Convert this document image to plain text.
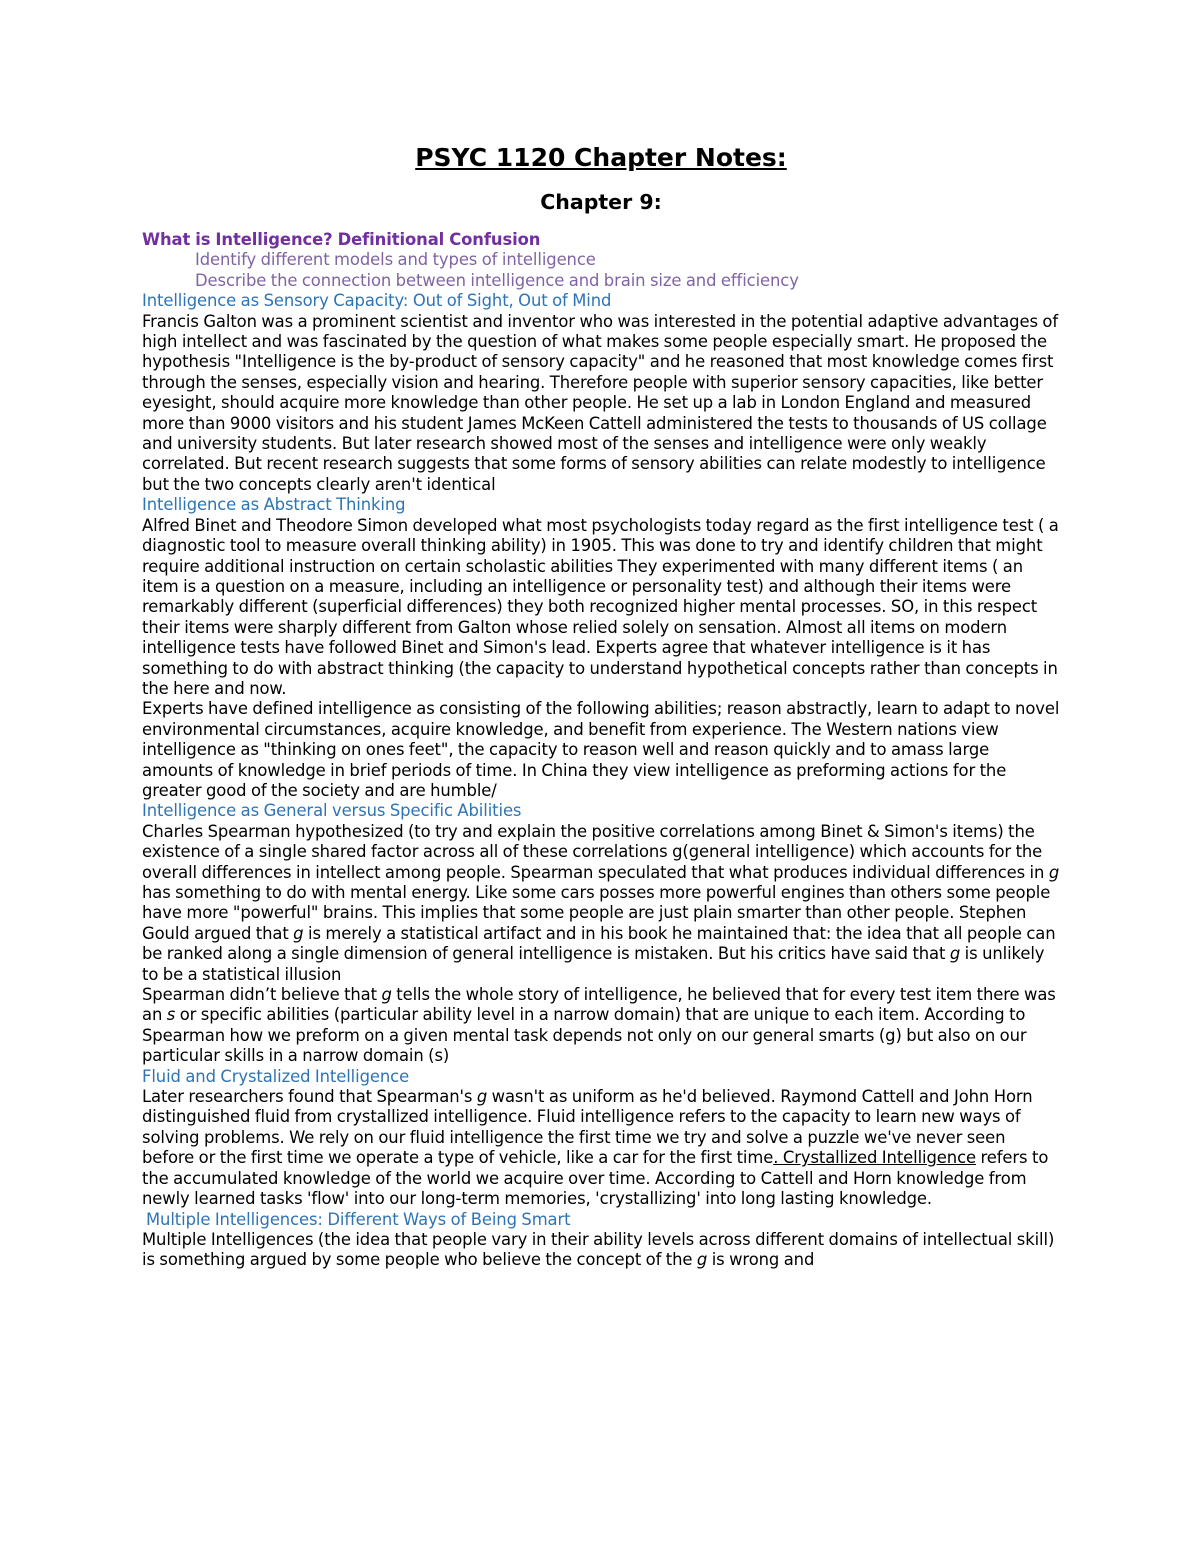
PSYC 1120 Chapter Notes:
Chapter 9:

What is Intelligence? Definitional Confusion

Identify different models and types of intelligence

Describe the connection between intelligence and brain size and efficiency

Intelligence as Sensory Capacity: Out of Sight, Out of Mind

Francis Galton was a prominent scientist and inventor who was interested in the potential adaptive advantages of high intellect and was fascinated by the question of what makes some people especially smart. He proposed the hypothesis "Intelligence is the by-product of sensory capacity" and he reasoned that most knowledge comes first through the senses, especially vision and hearing. Therefore people with superior sensory capacities, like better eyesight, should acquire more knowledge than other people. He set up a lab in London England and measured more than 9000 visitors and his student James McKeen Cattell administered the tests to thousands of US collage and university students. But later research showed most of the senses and intelligence were only weakly correlated. But recent research suggests that some forms of sensory abilities can relate modestly to intelligence but the two concepts clearly aren't identical

Intelligence as Abstract Thinking

Alfred Binet and Theodore Simon developed what most psychologists today regard as the first intelligence test ( a diagnostic tool to measure overall thinking ability) in 1905. This was done to try and identify children that might require additional instruction on certain scholastic abilities They experimented with many different items ( an item is a question on a measure, including an intelligence or personality test) and although their items were remarkably different (superficial differences) they both recognized higher mental processes. SO, in this respect their items were sharply different from Galton whose relied solely on sensation. Almost all items on modern intelligence tests have followed Binet and Simon's lead. Experts agree that whatever intelligence is it has something to do with abstract thinking (the capacity to understand hypothetical concepts rather than concepts in the here and now.

Experts have defined intelligence as consisting of the following abilities; reason abstractly, learn to adapt to novel environmental circumstances, acquire knowledge, and benefit from experience. The Western nations view intelligence as "thinking on ones feet", the capacity to reason well and reason quickly and to amass large amounts of knowledge in brief periods of time. In China they view intelligence as preforming actions for the greater good of the society and are humble/

Intelligence as General versus Specific Abilities

Charles Spearman hypothesized (to try and explain the positive correlations among Binet & Simon's items) the existence of a single shared factor across all of these correlations g(general intelligence) which accounts for the overall differences in intellect among people. Spearman speculated that what produces individual differences in g has something to do with mental energy. Like some cars posses more powerful engines than others some people have more "powerful" brains. This implies that some people are just plain smarter than other people. Stephen Gould argued that g is merely a statistical artifact and in his book he maintained that: the idea that all people can be ranked along a single dimension of general intelligence is mistaken. But his critics have said that g is unlikely to be a statistical illusion

Spearman didn’t believe that g tells the whole story of intelligence, he believed that for every test item there was an s or specific abilities (particular ability level in a narrow domain) that are unique to each item. According to Spearman how we preform on a given mental task depends not only on our general smarts (g) but also on our particular skills in a narrow domain (s)

Fluid and Crystalized Intelligence

Later researchers found that Spearman's g wasn't as uniform as he'd believed. Raymond Cattell and John Horn distinguished fluid from crystallized intelligence. Fluid intelligence refers to the capacity to learn new ways of solving problems. We rely on our fluid intelligence the first time we try and solve a puzzle we've never seen before or the first time we operate a type of vehicle, like a car for the first time. Crystallized Intelligence refers to the accumulated knowledge of the world we acquire over time. According to Cattell and Horn knowledge from newly learned tasks 'flow' into our long-term memories, 'crystallizing' into long lasting knowledge.

Multiple Intelligences: Different Ways of Being Smart

Multiple Intelligences (the idea that people vary in their ability levels across different domains of intellectual skill) is something argued by some people who believe the concept of the g is wrong and
